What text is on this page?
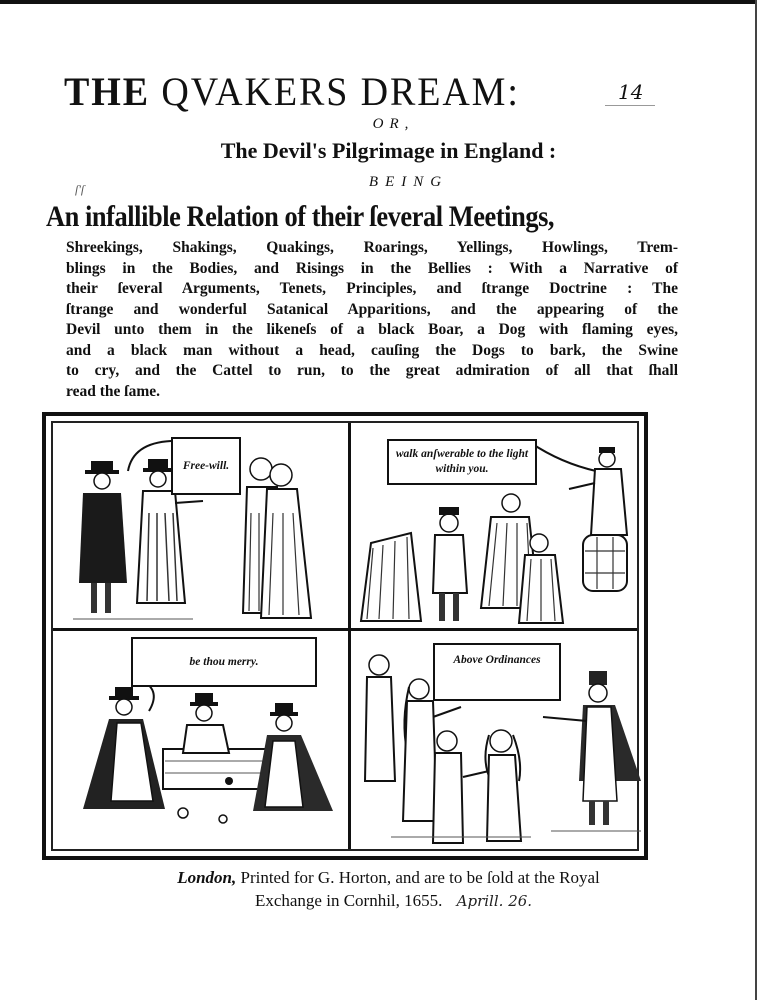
THE QVAKERS DREAM:	14
OR,
The Devil's Pilgrimage in England :
BEING
ſ'ſ
An infallible Relation of their ſeveral Meetings,
Shreekings, Shakings, Quakings, Roarings, Yellings, Howlings, Trem-
blings in the Bodies, and Risings in the Bellies : With a Narrative of
their ſeveral Arguments, Tenets, Principles, and ſtrange Doctrine : The
ſtrange and wonderful Satanical Apparitions, and the appearing of the
Devil unto them in the likeneſs of a black Boar, a Dog with flaming eyes,
and a black man without a head, cauſing the Dogs to bark, the Swine
to cry, and the Cattel to run, to the great admiration of all that ſhall
read the ſame.
Free-will.
walk anſwerable to the light within you.
be thou merry.	Above Ordinances
London, Printed for G. Horton, and are to be ſold at the Royal
Exchange in Cornhil, 1655. Aprill. 26.
